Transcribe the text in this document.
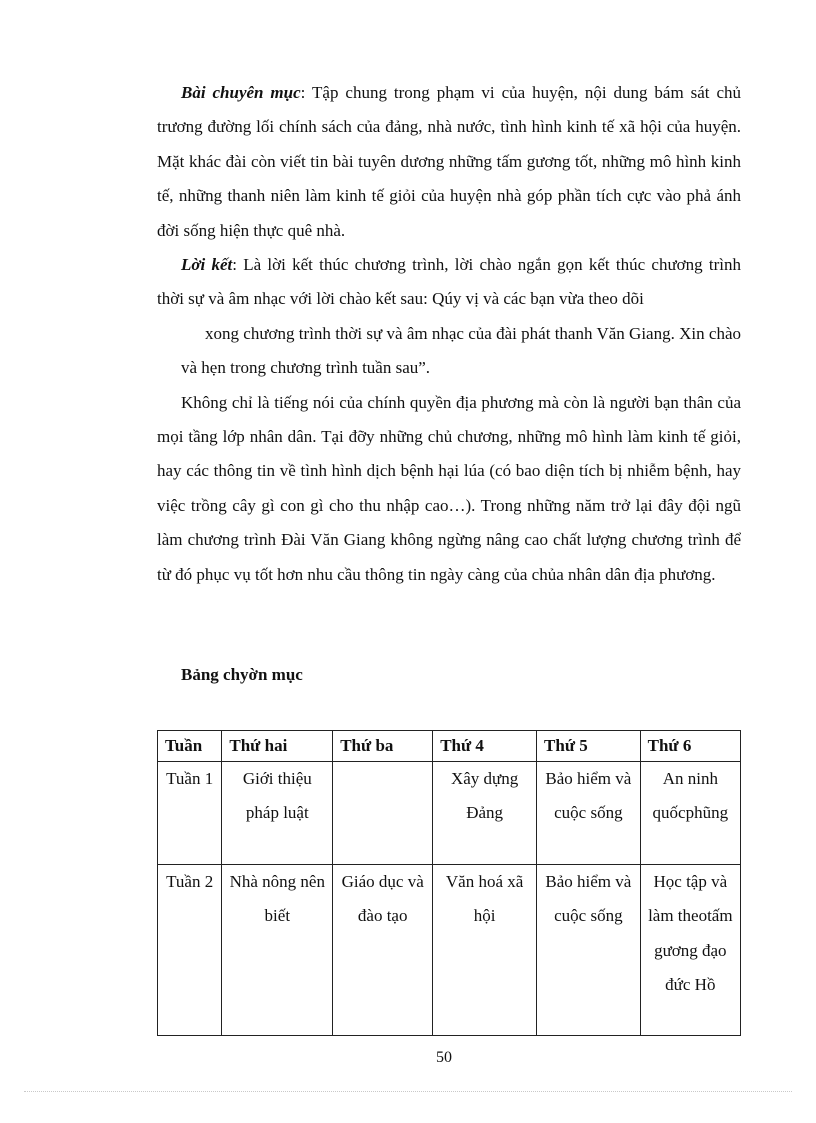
Bài chuyên mục: Tập chung trong phạm vi của huyện, nội dung bám sát chủ trương đường lối chính sách của đảng, nhà nước, tình hình kinh tế xã hội của huyện. Mặt khác đài còn viết tin bài tuyên dương những tấm gương tốt, những mô hình kinh tế, những thanh niên làm kinh tế giỏi của huyện nhà góp phần tích cực vào phả ánh đời sống hiện thực quê nhà.

Lời kết: Là lời kết thúc chương trình, lời chào ngắn gọn kết thúc chương trình thời sự và âm nhạc với lời chào kết sau: Qúy vị và các bạn vừa theo dõi
xong chương trình thời sự và âm nhạc của đài phát thanh Văn Giang. Xin chào và hẹn trong chương trình tuần sau”.

Không chỉ là tiếng nói của chính quyền địa phương mà còn là người bạn thân của mọi tầng lớp nhân dân. Tại đỡy những chủ chương, những mô hình làm kinh tế giỏi, hay các thông tin về tình hình dịch bệnh hại lúa (có bao diện tích bị nhiễm bệnh, hay việc trồng cây gì con gì cho thu nhập cao…). Trong những năm trở lại đây đội ngũ làm chương trình Đài Văn Giang không ngừng nâng cao chất lượng chương trình để từ đó phục vụ tốt hơn nhu cầu thông tin ngày càng của chủa nhân dân địa phương.

Bảng chyờn mục
Tuần	Thứ hai	Thứ ba	Thứ 4	Thứ 5	Thứ 6
Tuần 1	Giới thiệu pháp luật		Xây dựng Đảng	Bảo hiểm và cuộc sống	An ninh quốcphũng
Tuần 2	Nhà nông nên biết	Giáo dục và đào tạo	Văn hoá xã hội	Bảo hiểm và cuộc sống	Học tập và làm theotấm gương đạo đức Hồ
50
